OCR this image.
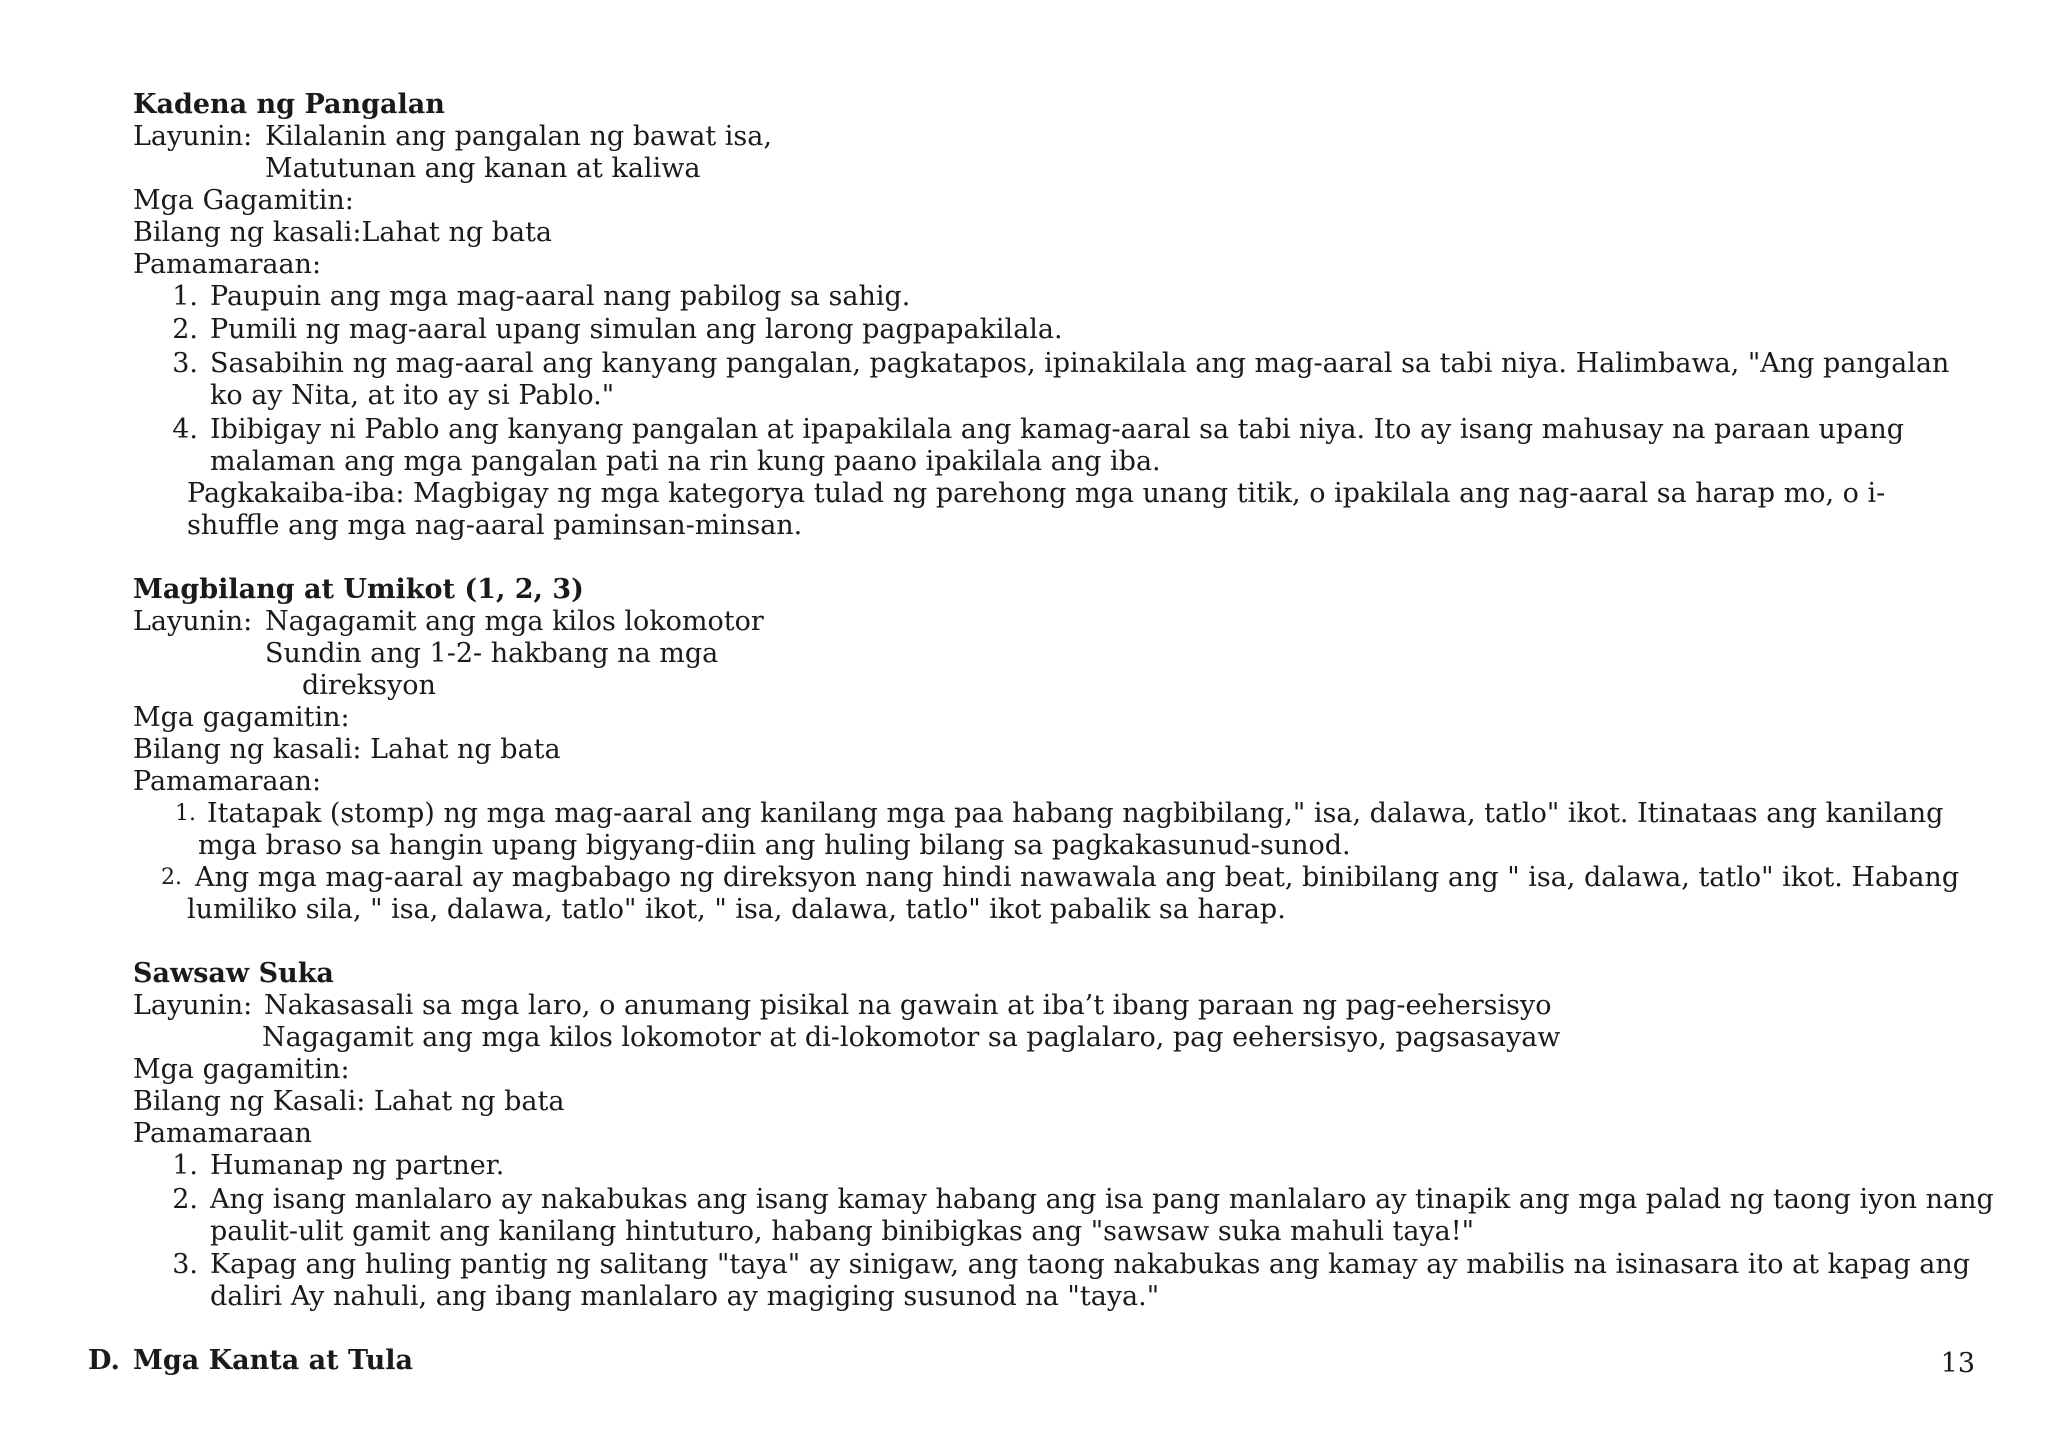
Kadena ng Pangalan
Layunin: Kilalanin ang pangalan ng bawat isa,
Matutunan ang kanan at kaliwa
Mga Gagamitin:
Bilang ng kasali:Lahat ng bata
Pamamaraan:
1. Paupuin ang mga mag-aaral nang pabilog sa sahig.
2. Pumili ng mag-aaral upang simulan ang larong pagpapakilala.
3. Sasabihin ng mag-aaral ang kanyang pangalan, pagkatapos, ipinakilala ang mag-aaral sa tabi niya. Halimbawa, "Ang pangalan
ko ay Nita, at ito ay si Pablo."
4. Ibibigay ni Pablo ang kanyang pangalan at ipapakilala ang kamag-aaral sa tabi niya. Ito ay isang mahusay na paraan upang
malaman ang mga pangalan pati na rin kung paano ipakilala ang iba.
Pagkakaiba-iba: Magbigay ng mga kategorya tulad ng parehong mga unang titik, o ipakilala ang nag-aaral sa harap mo, o i-
shuffle ang mga nag-aaral paminsan-minsan.
Magbilang at Umikot (1, 2, 3)
Layunin: Nagagamit ang mga kilos lokomotor
Sundin ang 1-2- hakbang na mga
direksyon
Mga gagamitin:
Bilang ng kasali: Lahat ng bata
Pamamaraan:
1. Itatapak (stomp) ng mga mag-aaral ang kanilang mga paa habang nagbibilang," isa, dalawa, tatlo" ikot. Itinataas ang kanilang
mga braso sa hangin upang bigyang-diin ang huling bilang sa pagkakasunud-sunod.
2. Ang mga mag-aaral ay magbabago ng direksyon nang hindi nawawala ang beat, binibilang ang " isa, dalawa, tatlo" ikot. Habang
lumiliko sila, " isa, dalawa, tatlo" ikot, " isa, dalawa, tatlo" ikot pabalik sa harap.
Sawsaw Suka
Layunin: Nakasasali sa mga laro, o anumang pisikal na gawain at iba’t ibang paraan ng pag-eehersisyo
Nagagamit ang mga kilos lokomotor at di-lokomotor sa paglalaro, pag eehersisyo, pagsasayaw
Mga gagamitin:
Bilang ng Kasali: Lahat ng bata
Pamamaraan
1. Humanap ng partner.
2. Ang isang manlalaro ay nakabukas ang isang kamay habang ang isa pang manlalaro ay tinapik ang mga palad ng taong iyon nang
paulit-ulit gamit ang kanilang hintuturo, habang binibigkas ang "sawsaw suka mahuli taya!"
3. Kapag ang huling pantig ng salitang "taya" ay sinigaw, ang taong nakabukas ang kamay ay mabilis na isinasara ito at kapag ang
daliri Ay nahuli, ang ibang manlalaro ay magiging susunod na "taya."
D. Mga Kanta at Tula	13
